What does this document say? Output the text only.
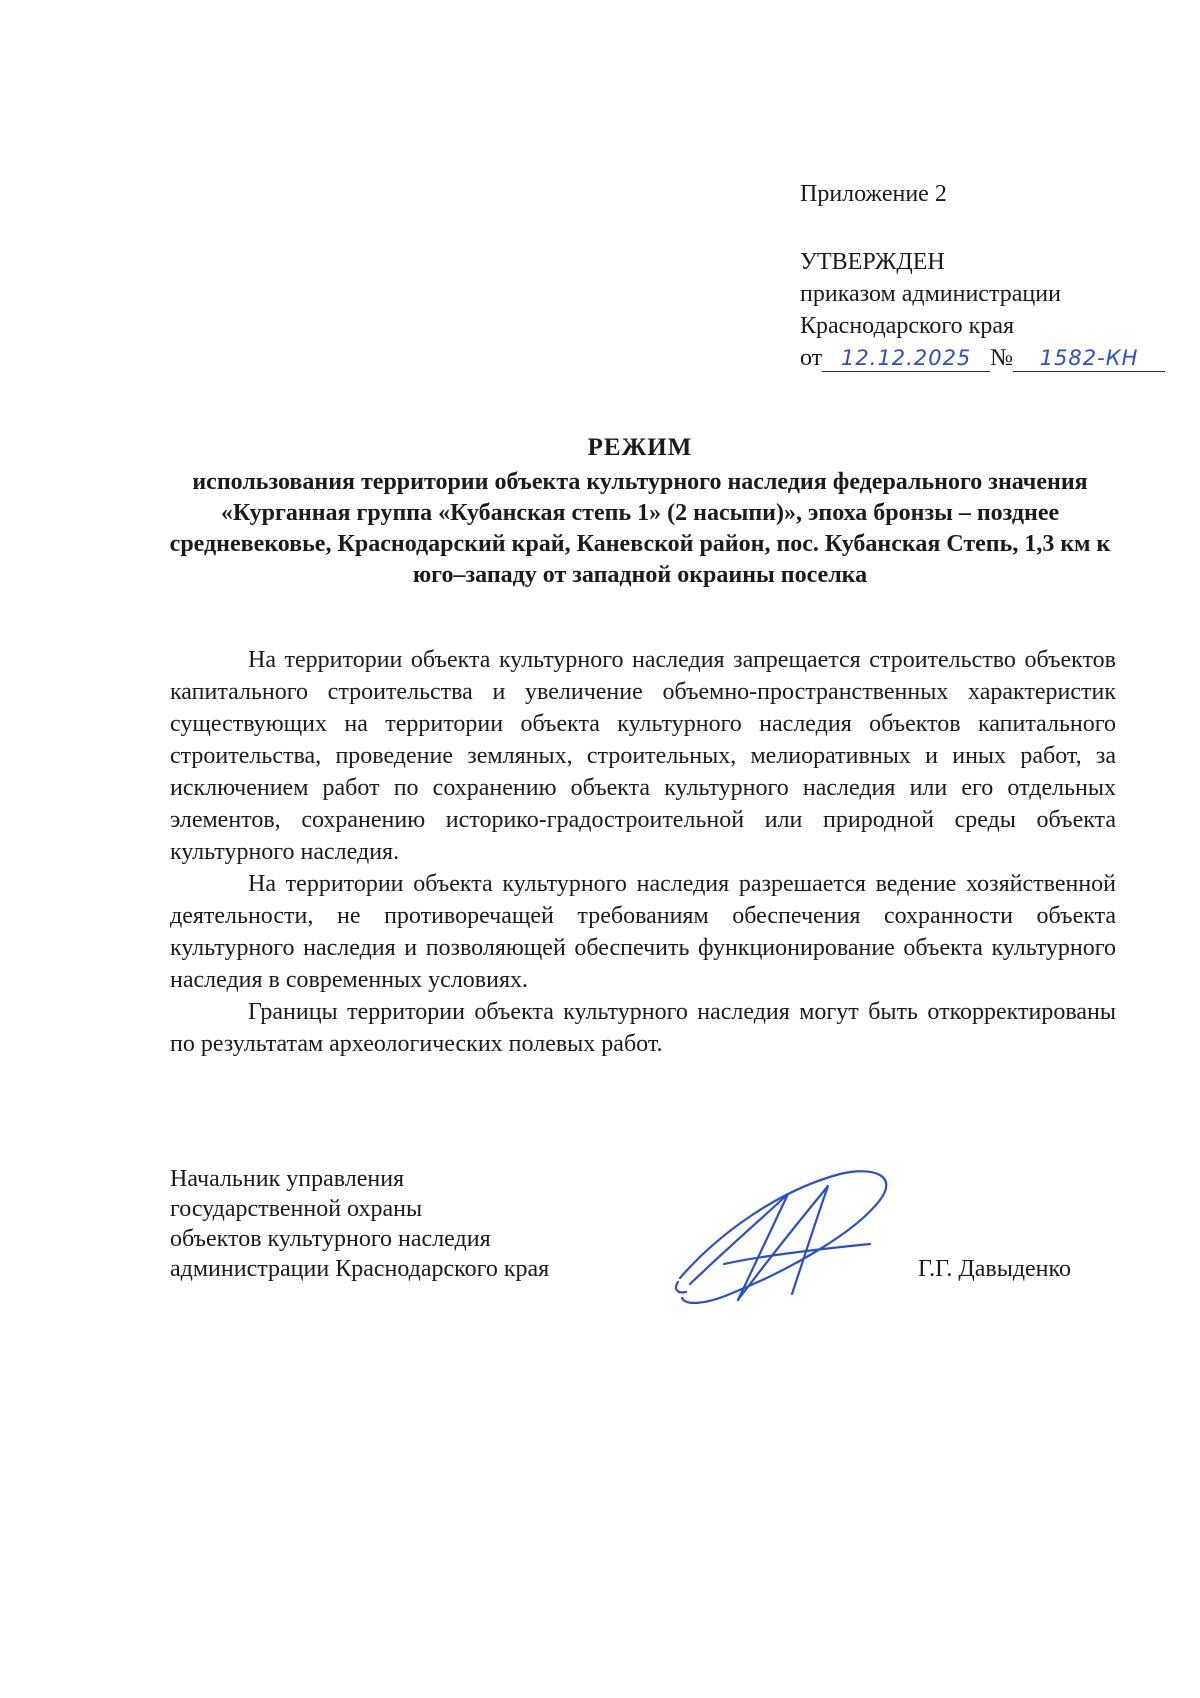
Приложение 2
УТВЕРЖДЕН
приказом администрации
Краснодарского края
от 12.12.2025 № 1582-КН
РЕЖИМ
использования территории объекта культурного наследия федерального значения «Курганная группа «Кубанская степь 1» (2 насыпи)», эпоха бронзы – позднее средневековье, Краснодарский край, Каневской район, пос. Кубанская Степь, 1,3 км к юго–западу от западной окраины поселка

На территории объекта культурного наследия запрещается строительство объектов капитального строительства и увеличение объемно-пространственных характеристик существующих на территории объекта культурного наследия объектов капитального строительства, проведение земляных, строительных, мелиоративных и иных работ, за исключением работ по сохранению объекта культурного наследия или его отдельных элементов, сохранению историко-градостроительной или природной среды объекта культурного наследия.

На территории объекта культурного наследия разрешается ведение хозяйственной деятельности, не противоречащей требованиям обеспечения сохранности объекта культурного наследия и позволяющей обеспечить функционирование объекта культурного наследия в современных условиях.

Границы территории объекта культурного наследия могут быть откорректированы по результатам археологических полевых работ.

Начальник управления
государственной охраны
объектов культурного наследия
администрации Краснодарского края	Г.Г. Давыденко
